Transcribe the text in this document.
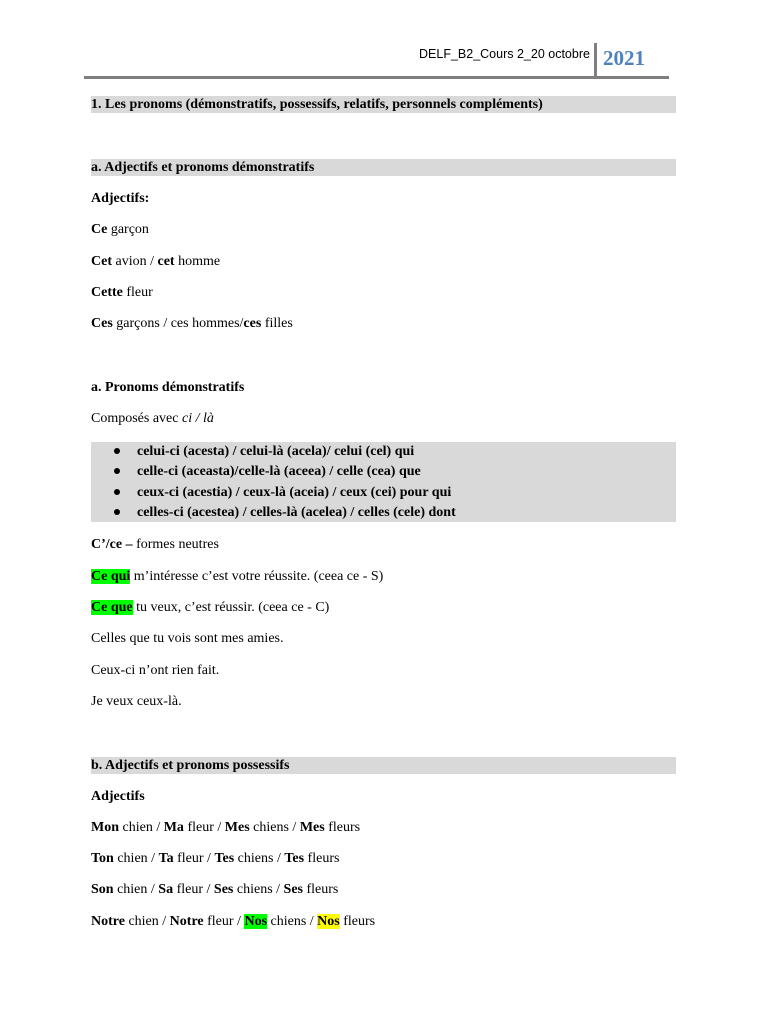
DELF_B2_Cours 2_20 octobre 2021
1. Les pronoms (démonstratifs, possessifs, relatifs, personnels compléments)
a. Adjectifs et pronoms démonstratifs
Adjectifs:
Ce garçon
Cet avion / cet homme
Cette fleur
Ces garçons / ces hommes/ces filles
a. Pronoms démonstratifs
Composés avec ci / là
celui-ci (acesta) / celui-là (acela)/ celui (cel) qui
celle-ci (aceasta)/celle-là (aceea) / celle (cea) que
ceux-ci (acestia) / ceux-là (aceia) / ceux (cei) pour qui
celles-ci (acestea) / celles-là (acelea) / celles (cele) dont
C’/ce – formes neutres
Ce qui m’intéresse c’est votre réussite. (ceea ce - S)
Ce que tu veux, c’est réussir. (ceea ce - C)
Celles que tu vois sont mes amies.
Ceux-ci n’ont rien fait.
Je veux ceux-là.
b. Adjectifs et pronoms possessifs
Adjectifs
Mon chien / Ma fleur / Mes chiens / Mes fleurs
Ton chien / Ta fleur / Tes chiens / Tes fleurs
Son chien / Sa fleur / Ses chiens / Ses fleurs
Notre chien / Notre fleur / Nos chiens / Nos fleurs
